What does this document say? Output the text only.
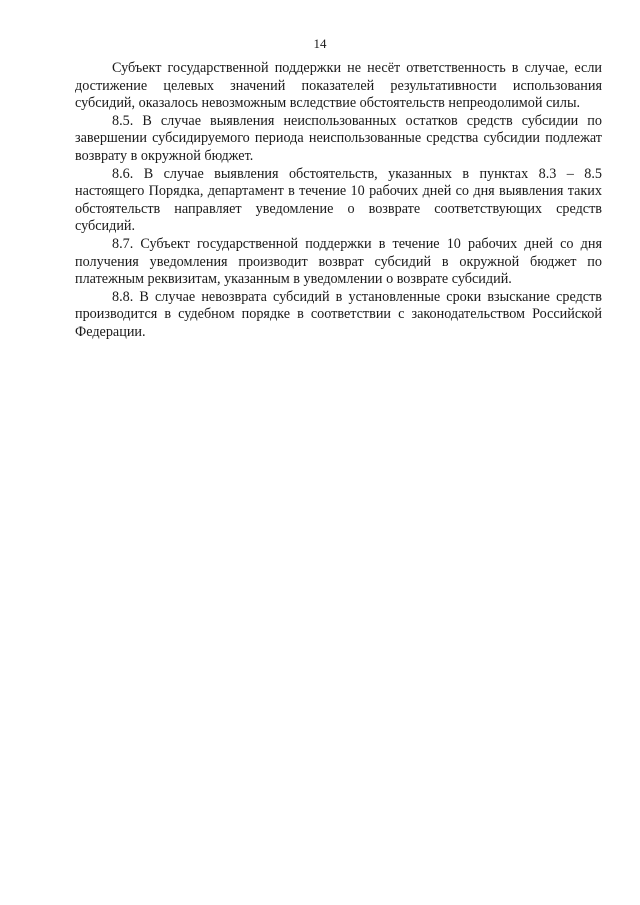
14

Субъект государственной поддержки не несёт ответственность в случае, если достижение целевых значений показателей результативности использования субсидий, оказалось невозможным вследствие обстоятельств непреодолимой силы.

8.5. В случае выявления неиспользованных остатков средств субсидии по завершении субсидируемого периода неиспользованные средства субсидии подлежат возврату в окружной бюджет.

8.6. В случае выявления обстоятельств, указанных в пунктах 8.3 – 8.5 настоящего Порядка, департамент в течение 10 рабочих дней со дня выявления таких обстоятельств направляет уведомление о возврате соответствующих средств субсидий.

8.7. Субъект государственной поддержки в течение 10 рабочих дней со дня получения уведомления производит возврат субсидий в окружной бюджет по платежным реквизитам, указанным в уведомлении о возврате субсидий.

8.8. В случае невозврата субсидий в установленные сроки взыскание средств производится в судебном порядке в соответствии с законодательством Российской Федерации.
